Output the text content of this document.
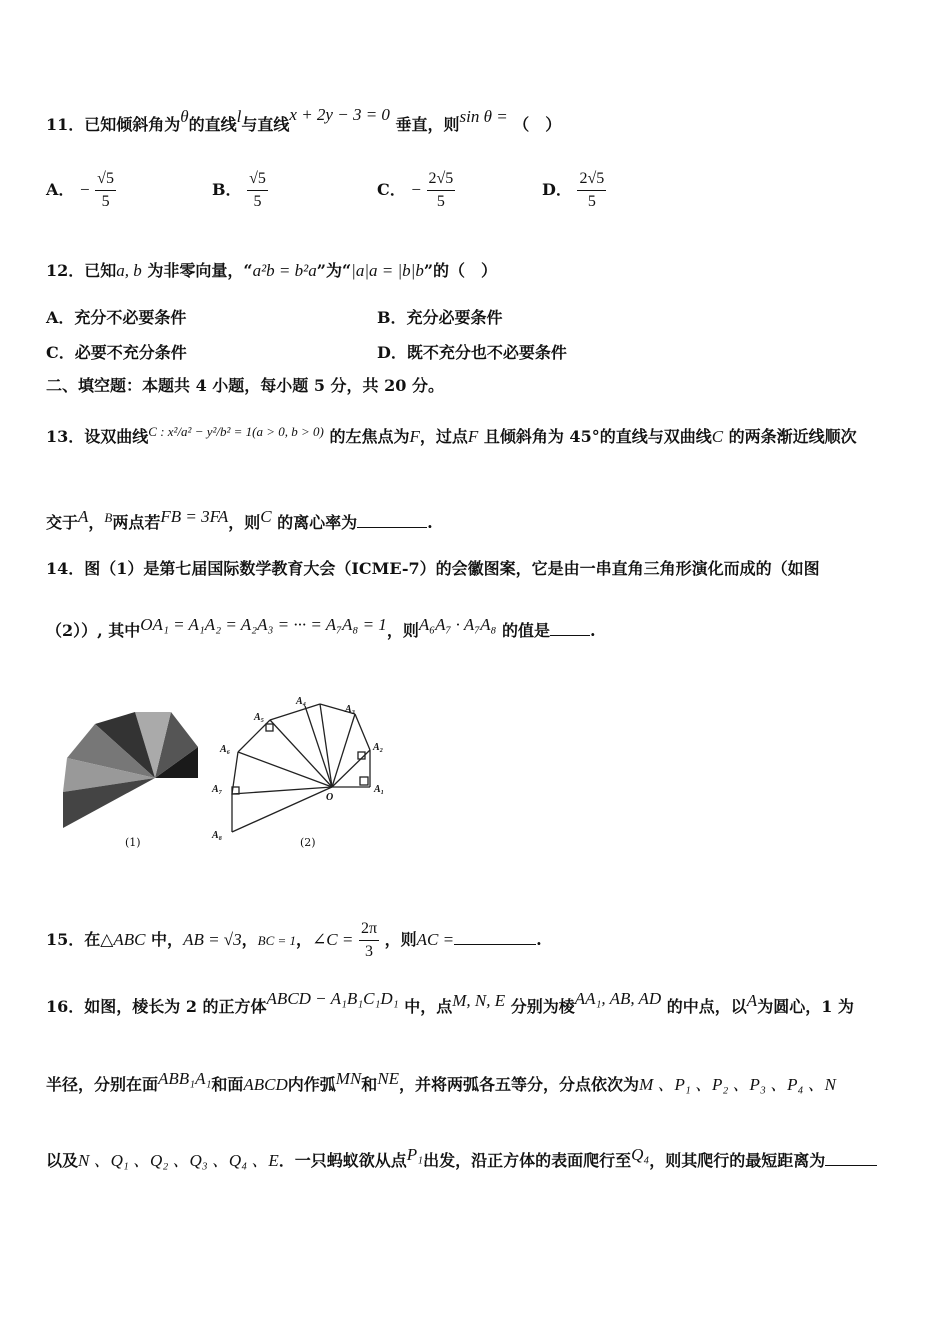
11．已知倾斜角为θ的直线l与直线x + 2y − 3 = 0 垂直，则sin θ = （　）
A． − $\frac{√5}{5}$	B． $\frac{√5}{5}$	C． − $\frac{2√5}{5}$	D． $\frac{2√5}{5}$
12．已知a, b 为非零向量，“a²b = b²a”为“|a|a = |b|b”的（　）
A．充分不必要条件	B．充分必要条件
C．必要不充分条件	D．既不充分也不必要条件
二、填空题：本题共 4 小题，每小题 5 分，共 20 分。
13．设双曲线$^{C : x^2/a^2 - y^2/b^2 = 1(a > 0, b > 0)}$ 的左焦点为F，过点F 且倾斜角为 45°的直线与双曲线C 的两条渐近线顺次
交于A，$^B$两点若FB = 3FA，则C 的离心率为	.
14．图（1）是第七届国际数学教育大会（ICME-7）的会徽图案，它是由一串直角三角形演化而成的（如图
（2））, 其中OA₁ = A₁A₂ = A₂A₃ = ··· = A₇A₈ = 1，则A₆A₇ · A₇A₈ 的值是	.
(1)
A₁
A₂
A₃
A₄
A₅
A₆
A₇
A₈
O
(2)
15．在△ABC 中，AB = √3，BC = 1，∠C = $\frac{2\pi}{3}$ ，则AC =	.
16．如图，棱长为 2 的正方体ABCD − A₁B₁C₁D₁ 中，点M, N, E 分别为棱AA₁, AB, AD 的中点，以A为圆心，1 为
半径，分别在面ABB₁A₁和面ABCD内作弧MN和NE，并将两弧各五等分，分点依次为M 、P₁ 、P₂ 、P₃ 、P₄ 、N
以及N 、Q₁ 、Q₂ 、Q₃ 、Q₄ 、E．一只蚂蚁欲从点P₁出发，沿正方体的表面爬行至Q₄，则其爬行的最短距离为
